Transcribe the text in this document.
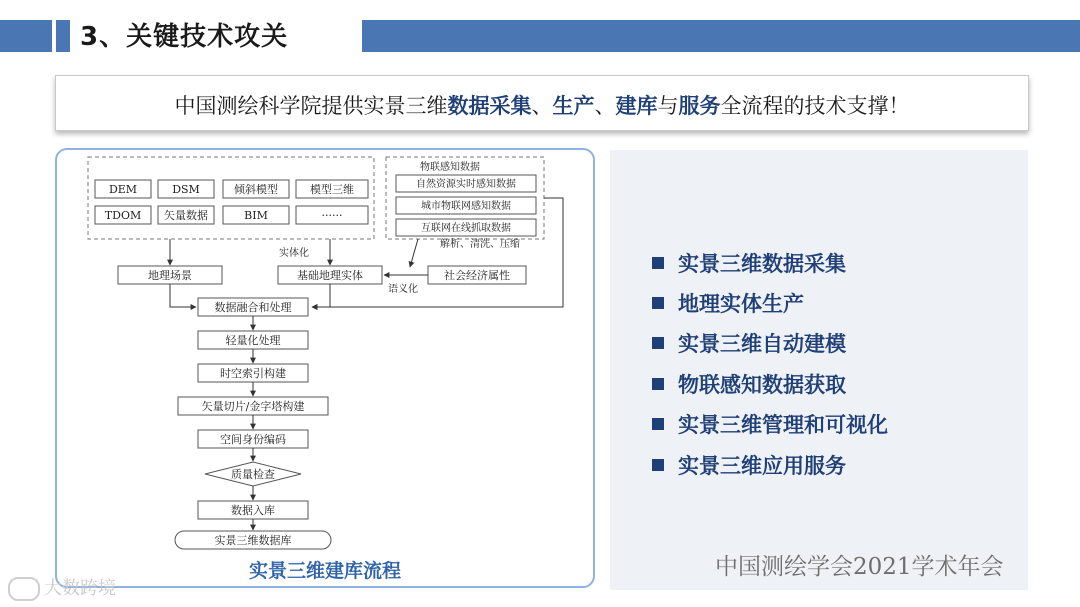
3、关键技术攻关
中国测绘科学院提供实景三维数据采集、生产、建库与服务全流程的技术支撑！
DEM	DSM	倾斜模型	模型三维
TDOM 矢量数据	BIM	······
物联感知数据
自然资源实时感知数据
城市物联网感知数据
互联网在线抓取数据
解析、清洗、压缩
实体化
地理场景	基础地理实体	社会经济属性
语义化
数据融合和处理
轻量化处理
时空索引构建
矢量切片/金字塔构建
空间身份编码
质量检查
数据入库
实景三维数据库
实景三维建库流程
实景三维数据采集
地理实体生产
实景三维自动建模
物联感知数据获取
实景三维管理和可视化
实景三维应用服务
中国测绘学会2021学术年会
大数跨境
